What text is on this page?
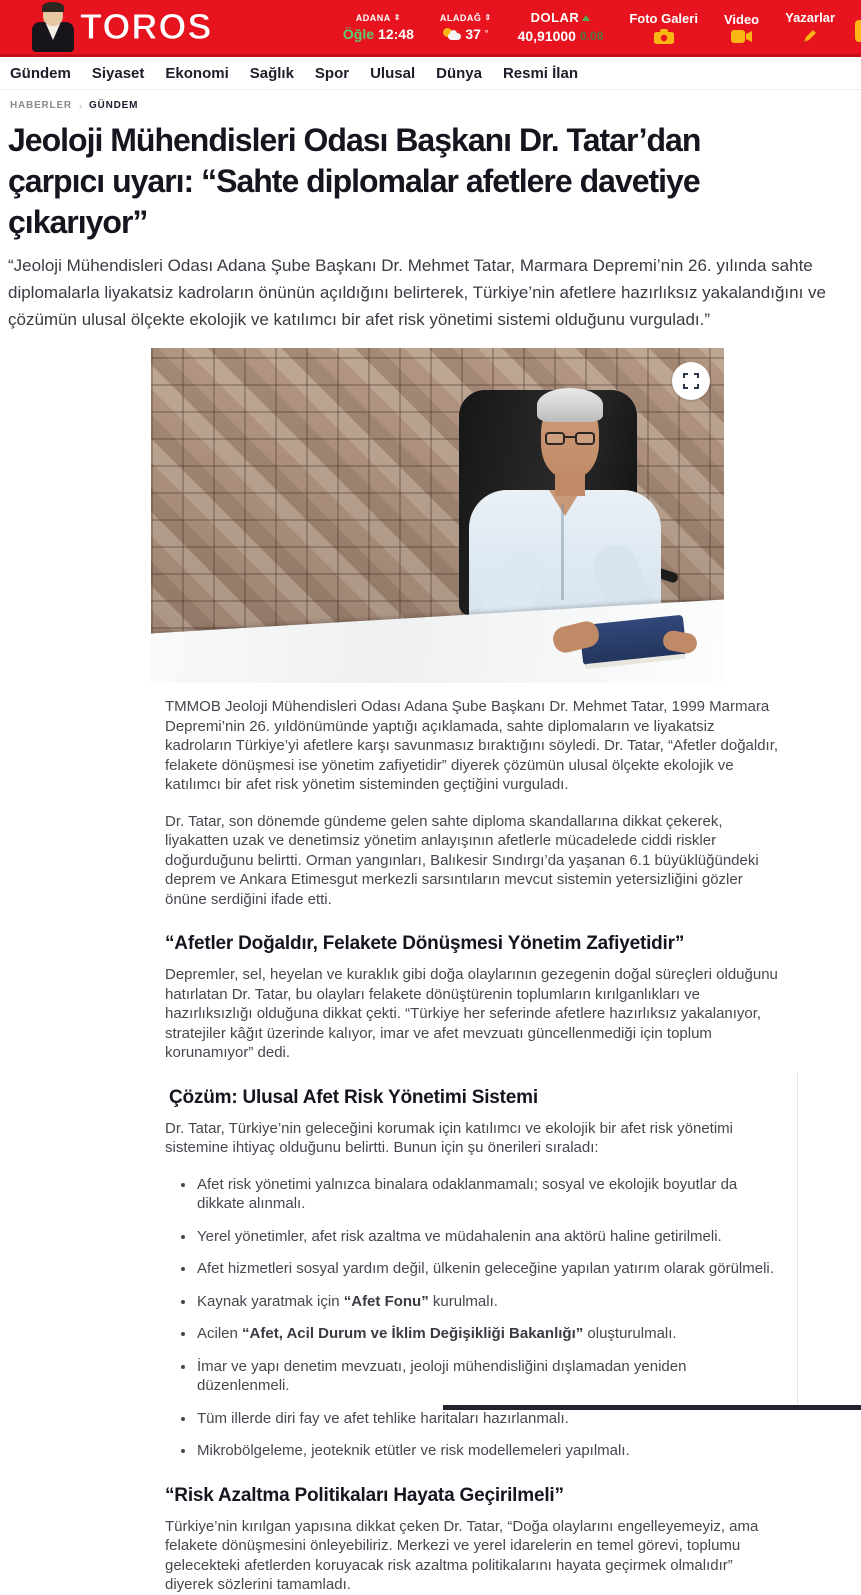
TOROS	ADANA ⇕
Öğle 12:48
ALADAĞ ⇕
37 °
DOLAR
40,91000 0.08
Foto Galeri Video Yazarlar
Gündem Siyaset Ekonomi Sağlık Spor Ulusal Dünya Resmi İlan
HABERLER › GÜNDEM
Jeoloji Mühendisleri Odası Başkanı Dr. Tatar’dan
çarpıcı uyarı: “Sahte diplomalar afetlere davetiye
çıkarıyor”

“Jeoloji Mühendisleri Odası Adana Şube Başkanı Dr. Mehmet Tatar, Marmara Depremi’nin 26. yılında sahte diplomalarla liyakatsiz kadroların önünün açıldığını belirterek, Türkiye’nin afetlere hazırlıksız yakalandığını ve çözümün ulusal ölçekte ekolojik ve katılımcı bir afet risk yönetimi sistemi olduğunu vurguladı.”

TMMOB Jeoloji Mühendisleri Odası Adana Şube Başkanı Dr. Mehmet Tatar, 1999 Marmara Depremi’nin 26. yıldönümünde yaptığı açıklamada, sahte diplomaların ve liyakatsiz kadroların Türkiye’yi afetlere karşı savunmasız bıraktığını söyledi. Dr. Tatar, “Afetler doğaldır, felakete dönüşmesi ise yönetim zafiyetidir” diyerek çözümün ulusal ölçekte ekolojik ve katılımcı bir afet risk yönetim sisteminden geçtiğini vurguladı.

Dr. Tatar, son dönemde gündeme gelen sahte diploma skandallarına dikkat çekerek, liyakatten uzak ve denetimsiz yönetim anlayışının afetlerle mücadelede ciddi riskler doğurduğunu belirtti. Orman yangınları, Balıkesir Sındırgı’da yaşanan 6.1 büyüklüğündeki deprem ve Ankara Etimesgut merkezli sarsıntıların mevcut sistemin yetersizliğini gözler önüne serdiğini ifade etti.

“Afetler Doğaldır, Felakete Dönüşmesi Yönetim Zafiyetidir”

Depremler, sel, heyelan ve kuraklık gibi doğa olaylarının gezegenin doğal süreçleri olduğunu hatırlatan Dr. Tatar, bu olayları felakete dönüştürenin toplumların kırılganlıkları ve hazırlıksızlığı olduğuna dikkat çekti. “Türkiye her seferinde afetlere hazırlıksız yakalanıyor, stratejiler kâğıt üzerinde kalıyor, imar ve afet mevzuatı güncellenmediği için toplum korunamıyor” dedi.

Çözüm: Ulusal Afet Risk Yönetimi Sistemi

Dr. Tatar, Türkiye’nin geleceğini korumak için katılımcı ve ekolojik bir afet risk yönetimi sistemine ihtiyaç olduğunu belirtti. Bunun için şu önerileri sıraladı:

Afet risk yönetimi yalnızca binalara odaklanmamalı; sosyal ve ekolojik boyutlar da dikkate alınmalı.
Yerel yönetimler, afet risk azaltma ve müdahalenin ana aktörü haline getirilmeli.
Afet hizmetleri sosyal yardım değil, ülkenin geleceğine yapılan yatırım olarak görülmeli.
Kaynak yaratmak için “Afet Fonu” kurulmalı.
Acilen “Afet, Acil Durum ve İklim Değişikliği Bakanlığı” oluşturulmalı.
İmar ve yapı denetim mevzuatı, jeoloji mühendisliğini dışlamadan yeniden düzenlenmeli.
Tüm illerde diri fay ve afet tehlike haritaları hazırlanmalı.
Mikrobölgeleme, jeoteknik etütler ve risk modellemeleri yapılmalı.
“Risk Azaltma Politikaları Hayata Geçirilmeli”

Türkiye’nin kırılgan yapısına dikkat çeken Dr. Tatar, “Doğa olaylarını engelleyemeyiz, ama felakete dönüşmesini önleyebiliriz. Merkezi ve yerel idarelerin en temel görevi, toplumu gelecekteki afetlerden koruyacak risk azaltma politikalarını hayata geçirmek olmalıdır” diyerek sözlerini tamamladı.
